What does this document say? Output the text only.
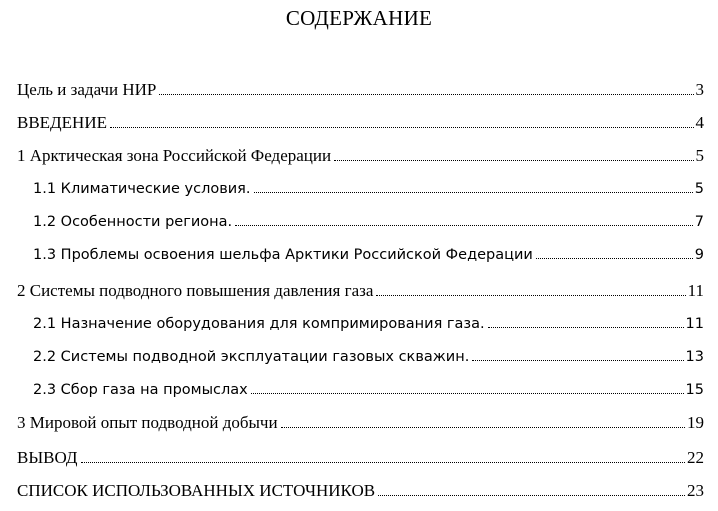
СОДЕРЖАНИЕ
Цель и задачи НИР	3
ВВЕДЕНИЕ	4
1 Арктическая зона Российской Федерации	5
1.1 Климатические условия.	5
1.2 Особенности региона.	7
1.3 Проблемы освоения шельфа Арктики Российской Федерации	9
2 Системы подводного повышения давления газа	11
2.1 Назначение оборудования для компримирования газа.	11
2.2 Системы подводной эксплуатации газовых скважин.	13
2.3 Сбор газа на промыслах	15
3 Мировой опыт подводной добычи	19
ВЫВОД	22
СПИСОК ИСПОЛЬЗОВАННЫХ ИСТОЧНИКОВ	23
